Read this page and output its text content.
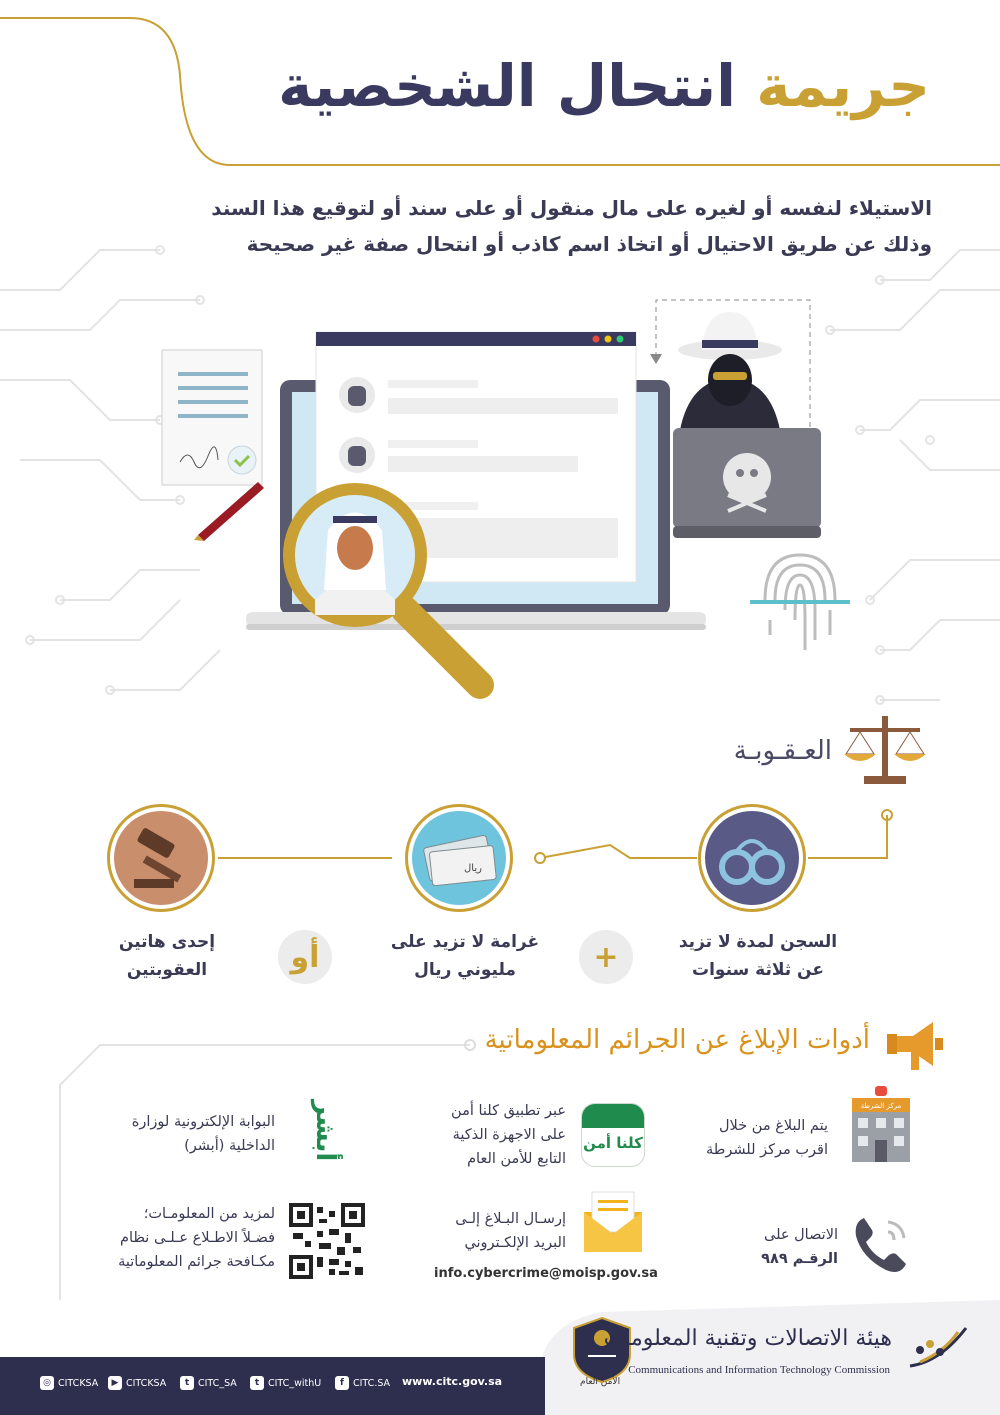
جريمة انتحال الشخصية
الاستيلاء لنفسه أو لغيره على مال منقول أو على سند أو لتوقيع هذا السند
وذلك عن طريق الاحتيال أو اتخاذ اسم كاذب أو انتحال صفة غير صحيحة
العـقـوبـة
ريال
السجن لمدة لا تزيد
عن ثلاثة سنوات
غرامة لا تزيد على
مليوني ريال
إحدى هاتين
العقوبتين	+
أو
أدوات الإبلاغ عن الجرائم المعلوماتية
مركز الشرطة
يتم البلاغ من خلال
اقرب مركز للشرطة
كلنا أمن
عبر تطبيق كلنا أمن
على الاجهزة الذكية
التابع للأمن العام
أبشر
البوابة الإلكترونية لوزارة
الداخلية (أبشر)
الاتصال على
الرقـم ٩٨٩
إرسـال البـلاغ إلـى
البريد الإلكـتروني
info.cybercrime@moisp.gov.sa
لمزيد من المعلومـات؛
فضـلاً الاطـلاع عـلـى نظام
مكـافحة جرائم المعلوماتية
◎ CITCKSA	▶ CITCKSA	t CITC_SA	t CITC_withU	f CITC.SA www.citc.gov.sa	الأمن العام
هيئة الاتصالات وتقنية المعلومات
Communications and Information Technology Commission
